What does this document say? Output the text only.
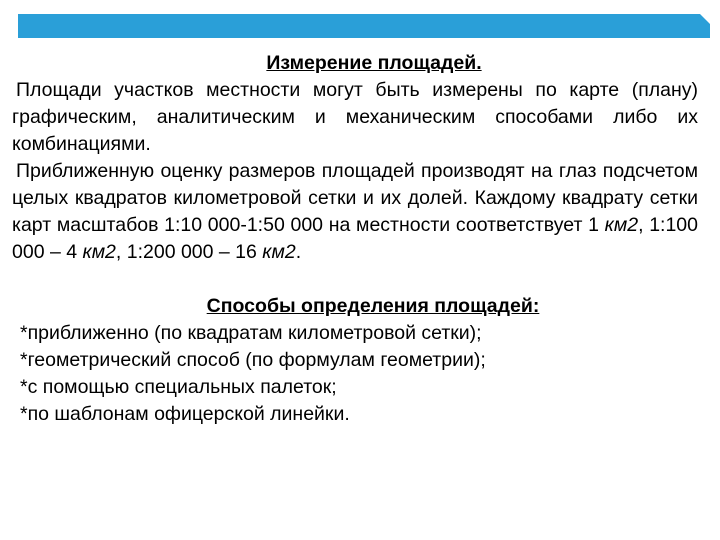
Измерение площадей.

Площади участков местности могут быть измерены по карте (плану) графическим, аналитическим и механическим способами либо их комбинациями.

Приближенную оценку размеров площадей производят на глаз подсчетом целых квадратов километровой сетки и их долей. Каждому квадрату сетки карт масштабов 1:10 000-1:50 000 на местности соответствует 1 км2, 1:100 000 – 4 км2, 1:200 000 – 16 км2.

Способы определения площадей:

*приближенно (по квадратам километровой сетки);
*геометрический способ (по формулам геометрии);
*с помощью специальных палеток;
*по шаблонам офицерской линейки.
